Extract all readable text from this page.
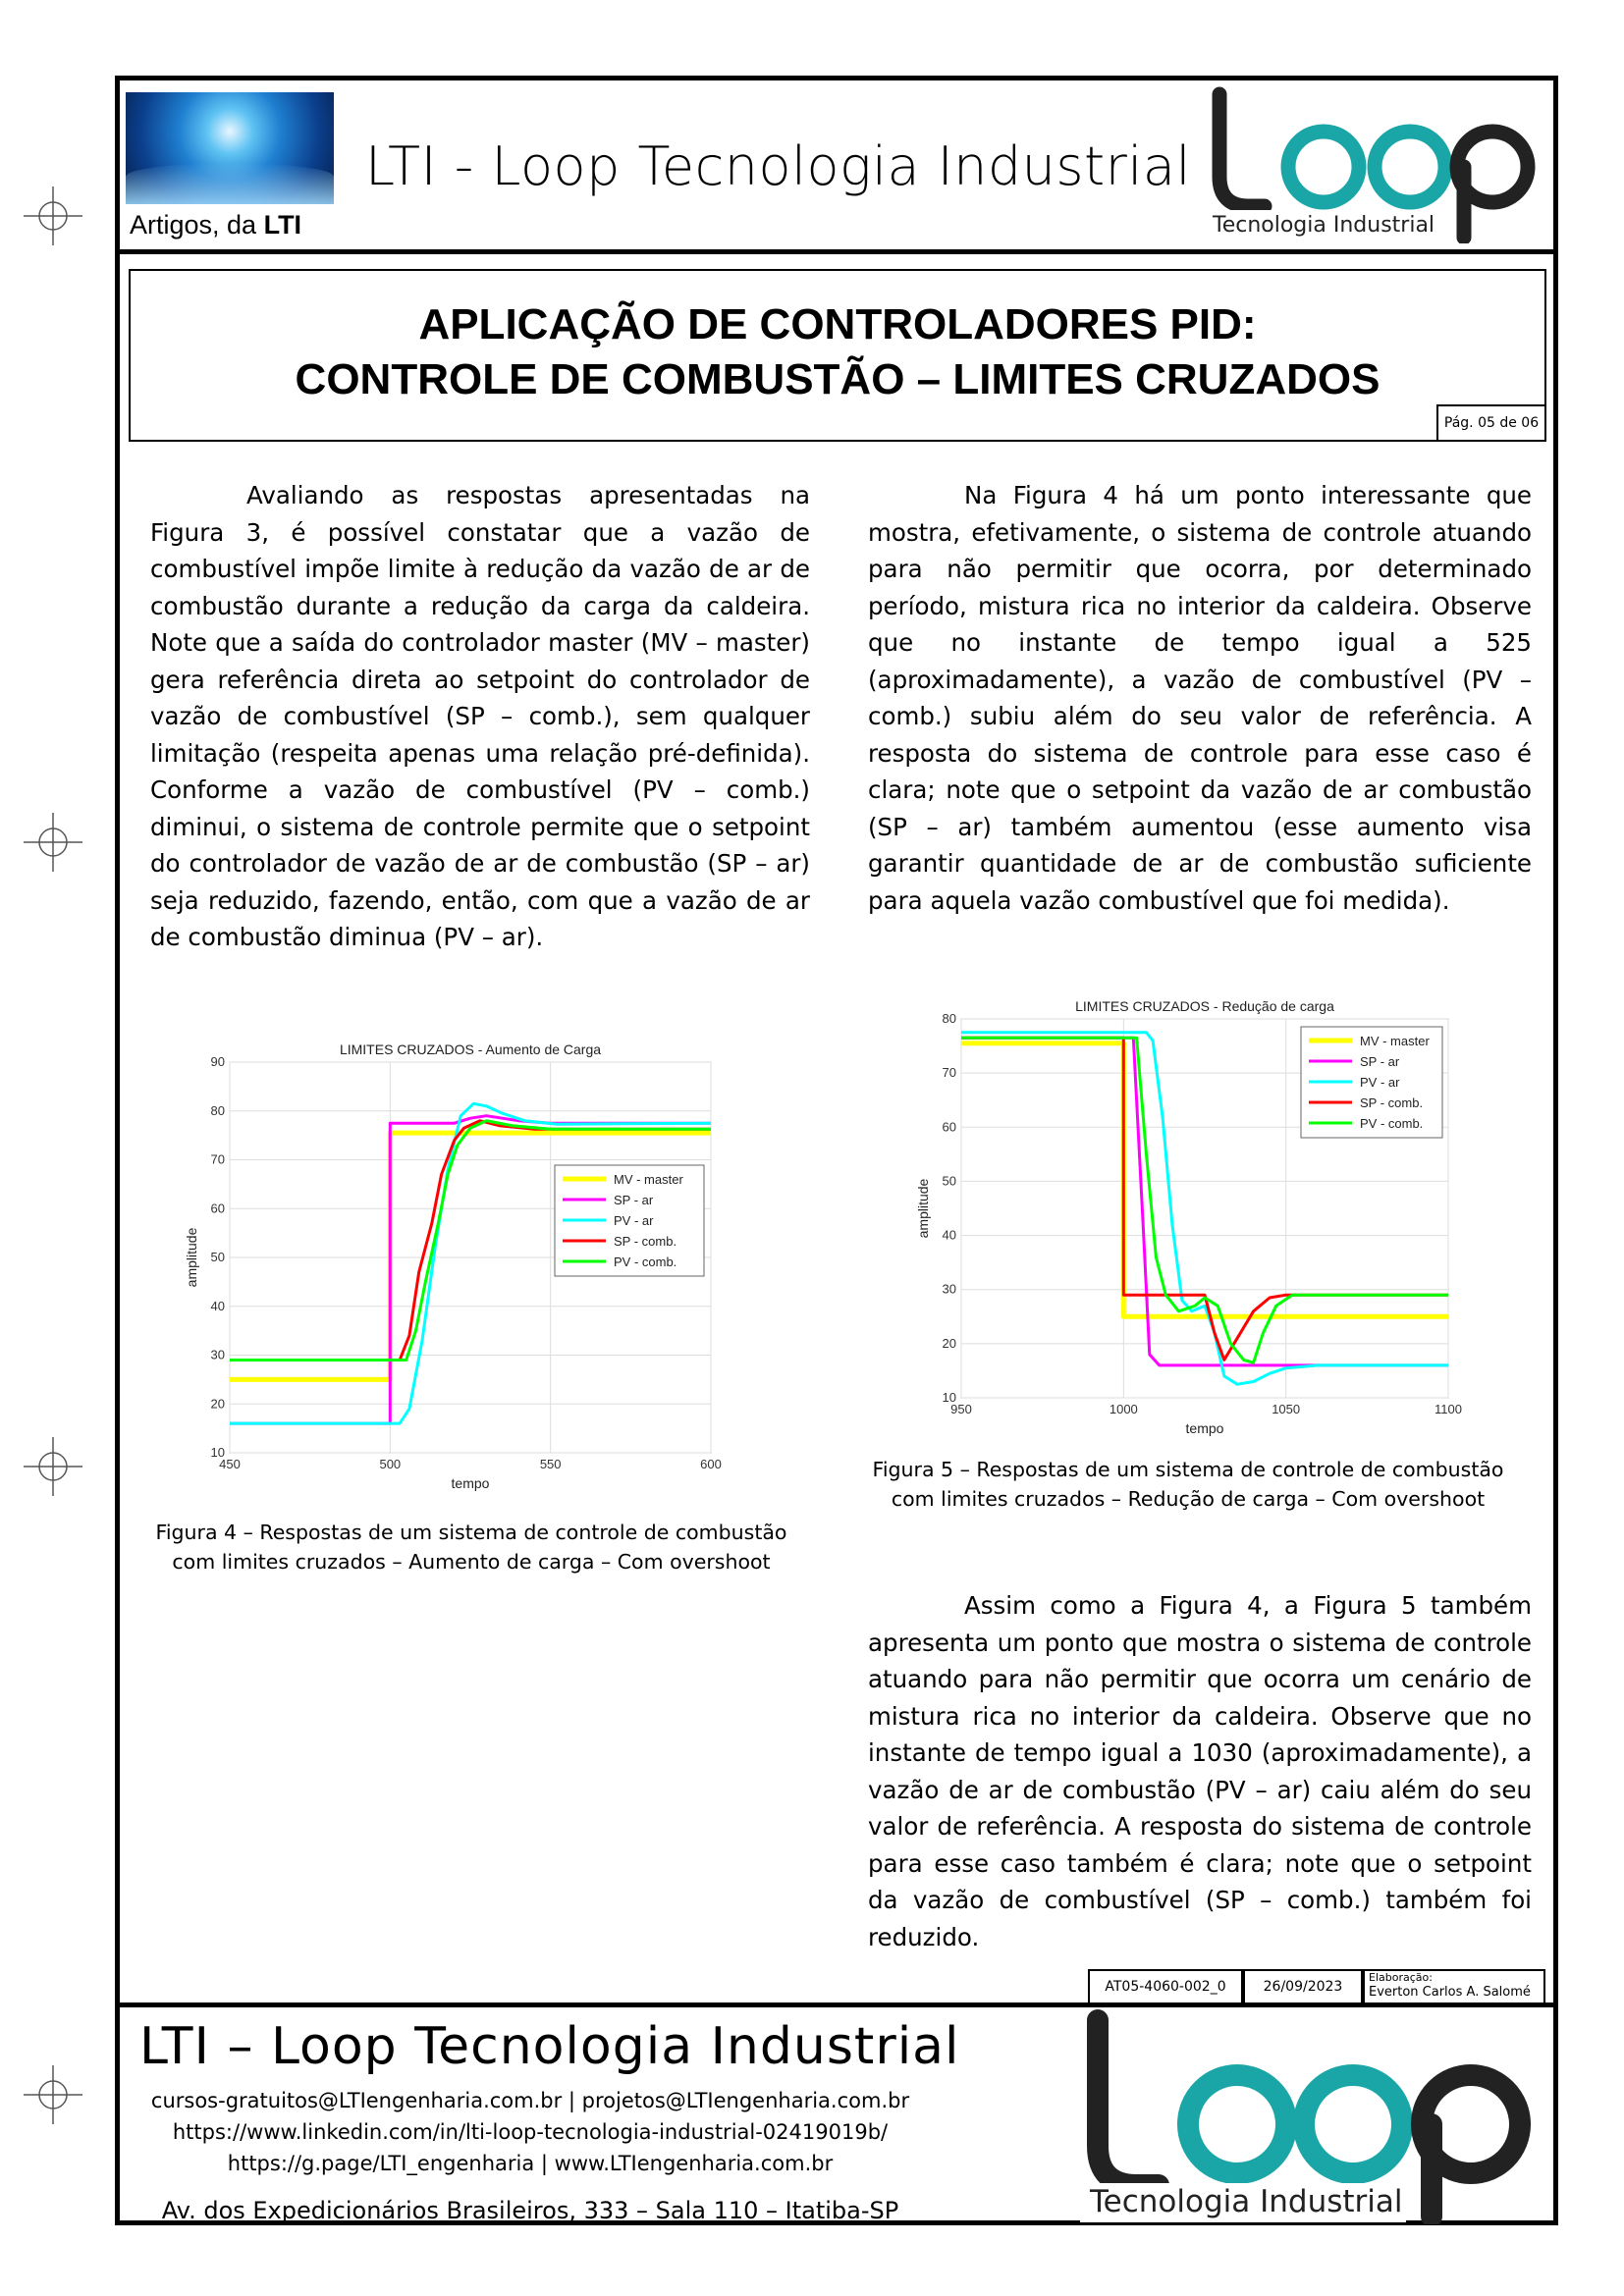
Artigos, da LTI
LTI - Loop Tecnologia Industrial
Tecnologia Industrial
APLICAÇÃO DE CONTROLADORES PID:
CONTROLE DE COMBUSTÃO – LIMITES CRUZADOS
Pág. 05 de 06

Avaliando as respostas apresentadas na Figura 3, é possível constatar que a vazão de combustível impõe limite à redução da vazão de ar de combustão durante a redução da carga da caldeira. Note que a saída do controlador master (MV – master) gera referência direta ao setpoint do controlador de vazão de combustível (SP – comb.), sem qualquer limitação (respeita apenas uma relação pré-definida). Conforme a vazão de combustível (PV – comb.) diminui, o sistema de controle permite que o setpoint do controlador de vazão de ar de combustão (SP – ar) seja reduzido, fazendo, então, com que a vazão de ar de combustão diminua (PV – ar).

Na Figura 4 há um ponto interessante que mostra, efetivamente, o sistema de controle atuando para não permitir que ocorra, por determinado período, mistura rica no interior da caldeira. Observe que no instante de tempo igual a 525 (aproximadamente), a vazão de combustível (PV – comb.) subiu além do seu valor de referência. A resposta do sistema de controle para esse caso é clara; note que o setpoint da vazão de ar combustão (SP – ar) também aumentou (esse aumento visa garantir quantidade de ar de combustão suficiente para aquela vazão combustível que foi medida).

Assim como a Figura 4, a Figura 5 também apresenta um ponto que mostra o sistema de controle atuando para não permitir que ocorra um cenário de mistura rica no interior da caldeira. Observe que no instante de tempo igual a 1030 (aproximadamente), a vazão de ar de combustão (PV – ar) caiu além do seu valor de referência. A resposta do sistema de controle para esse caso também é clara; note que o setpoint da vazão de combustível (SP – comb.) também foi reduzido.

450	500	550	600
10
20
30
40
50
60
70
80
90
LIMITES CRUZADOS - Aumento de Carga
tempo
amplitude
MV - master
SP - ar
PV - ar
SP - comb.
PV - comb.
Figura 4 – Respostas de um sistema de controle de combustão
com limites cruzados – Aumento de carga – Com overshoot
950	1000	1050	1100
10
20
30
40
50
60
70
80
LIMITES CRUZADOS - Redução de carga
tempo
amplitude
MV - master
SP - ar
PV - ar
SP - comb.
PV - comb.
Figura 5 – Respostas de um sistema de controle de combustão
com limites cruzados – Redução de carga – Com overshoot
AT05-4060-002_0	26/09/2023
Elaboração:
Everton Carlos A. Salomé
LTI – Loop Tecnologia Industrial
cursos-gratuitos@LTIengenharia.com.br | projetos@LTIengenharia.com.br
https://www.linkedin.com/in/lti-loop-tecnologia-industrial-02419019b/
https://g.page/LTI_engenharia | www.LTIengenharia.com.br
Av. dos Expedicionários Brasileiros, 333 – Sala 110 – Itatiba-SP	Tecnologia Industrial
